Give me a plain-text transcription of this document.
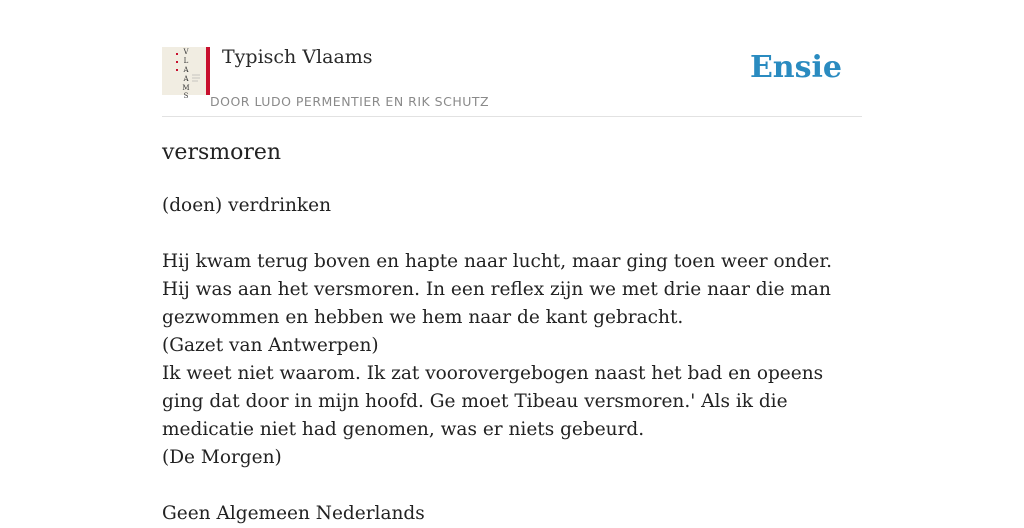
V
L
A
A
M
S
Typisch Vlaams
DOOR LUDO PERMENTIER EN RIK SCHUTZ
Ensie
versmoren

(doen) verdrinken

Hij kwam terug boven en hapte naar lucht, maar ging toen weer onder. Hij was aan het versmoren. In een reflex zijn we met drie naar die man gezwommen en hebben we hem naar de kant gebracht.

(Gazet van Antwerpen)

Ik weet niet waarom. Ik zat voorovergebogen naast het bad en opeens ging dat door in mijn hoofd. Ge moet Tibeau versmoren.' Als ik die medicatie niet had genomen, was er niets gebeurd.

(De Morgen)

Geen Algemeen Nederlands
